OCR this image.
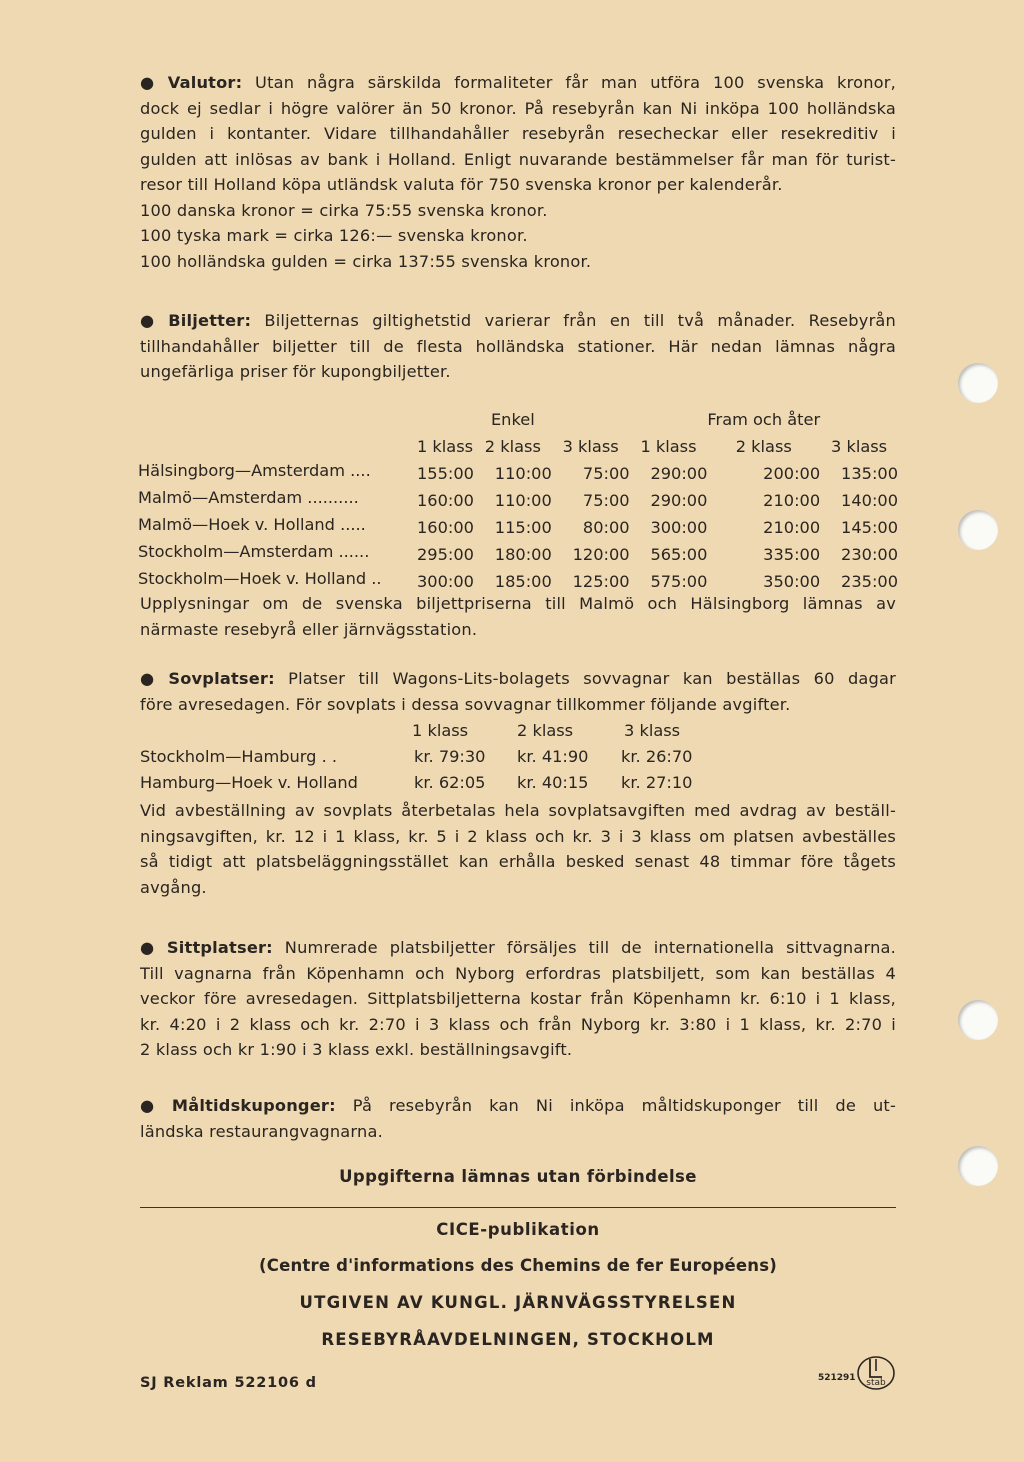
● Valutor: Utan några särskilda formaliteter får man utföra 100 svenska kronor,
dock ej sedlar i högre valörer än 50 kronor. På resebyrån kan Ni inköpa 100 holländska
gulden i kontanter. Vidare tillhandahåller resebyrån resecheckar eller resekreditiv i
gulden att inlösas av bank i Holland. Enligt nuvarande bestämmelser får man för turist-
resor till Holland köpa utländsk valuta för 750 svenska kronor per kalenderår.
100 danska kronor = cirka 75:55 svenska kronor.
100 tyska mark = cirka 126:— svenska kronor.
100 holländska gulden = cirka 137:55 svenska kronor.
● Biljetter: Biljetternas giltighetstid varierar från en till två månader. Resebyrån
tillhandahåller biljetter till de flesta holländska stationer. Här nedan lämnas några
ungefärliga priser för kupongbiljetter.
		Enkel			Fram och åter	
	1 klass	2 klass	3 klass	1 klass	2 klass	3 klass
Hälsingborg—Amsterdam ....	155:00	110:00	75:00	290:00	200:00	135:00
Malmö—Amsterdam ..........	160:00	110:00	75:00	290:00	210:00	140:00
Malmö—Hoek v. Holland .....	160:00	115:00	80:00	300:00	210:00	145:00
Stockholm—Amsterdam ......	295:00	180:00	120:00	565:00	335:00	230:00
Stockholm—Hoek v. Holland ..	300:00	185:00	125:00	575:00	350:00	235:00
Upplysningar om de svenska biljettpriserna till Malmö och Hälsingborg lämnas av
närmaste resebyrå eller järnvägsstation.
● Sovplatser: Platser till Wagons-Lits-bolagets sovvagnar kan beställas 60 dagar
före avresedagen. För sovplats i dessa sovvagnar tillkommer följande avgifter.
1 klass	2 klass	3 klass
Stockholm—Hamburg . .	kr. 79:30 kr. 41:90 kr. 26:70
Hamburg—Hoek v. Holland	kr. 62:05 kr. 40:15 kr. 27:10
Vid avbeställning av sovplats återbetalas hela sovplatsavgiften med avdrag av beställ-
ningsavgiften, kr. 12 i 1 klass, kr. 5 i 2 klass och kr. 3 i 3 klass om platsen avbeställes
så tidigt att platsbeläggningsstället kan erhålla besked senast 48 timmar före tågets
avgång.
● Sittplatser: Numrerade platsbiljetter försäljes till de internationella sittvagnarna.
Till vagnarna från Köpenhamn och Nyborg erfordras platsbiljett, som kan beställas 4
veckor före avresedagen. Sittplatsbiljetterna kostar från Köpenhamn kr. 6:10 i 1 klass,
kr. 4:20 i 2 klass och kr. 2:70 i 3 klass och från Nyborg kr. 3:80 i 1 klass, kr. 2:70 i
2 klass och kr 1:90 i 3 klass exkl. beställningsavgift.
● Måltidskuponger: På resebyrån kan Ni inköpa måltidskuponger till de ut-
ländska restaurangvagnarna.
Uppgifterna lämnas utan förbindelse
CICE-publikation
(Centre d'informations des Chemins de fer Européens)
UTGIVEN AV KUNGL. JÄRNVÄGSSTYRELSEN
RESEBYRÅAVDELNINGEN, STOCKHOLM
SJ Reklam 522106 d	521291 stab
